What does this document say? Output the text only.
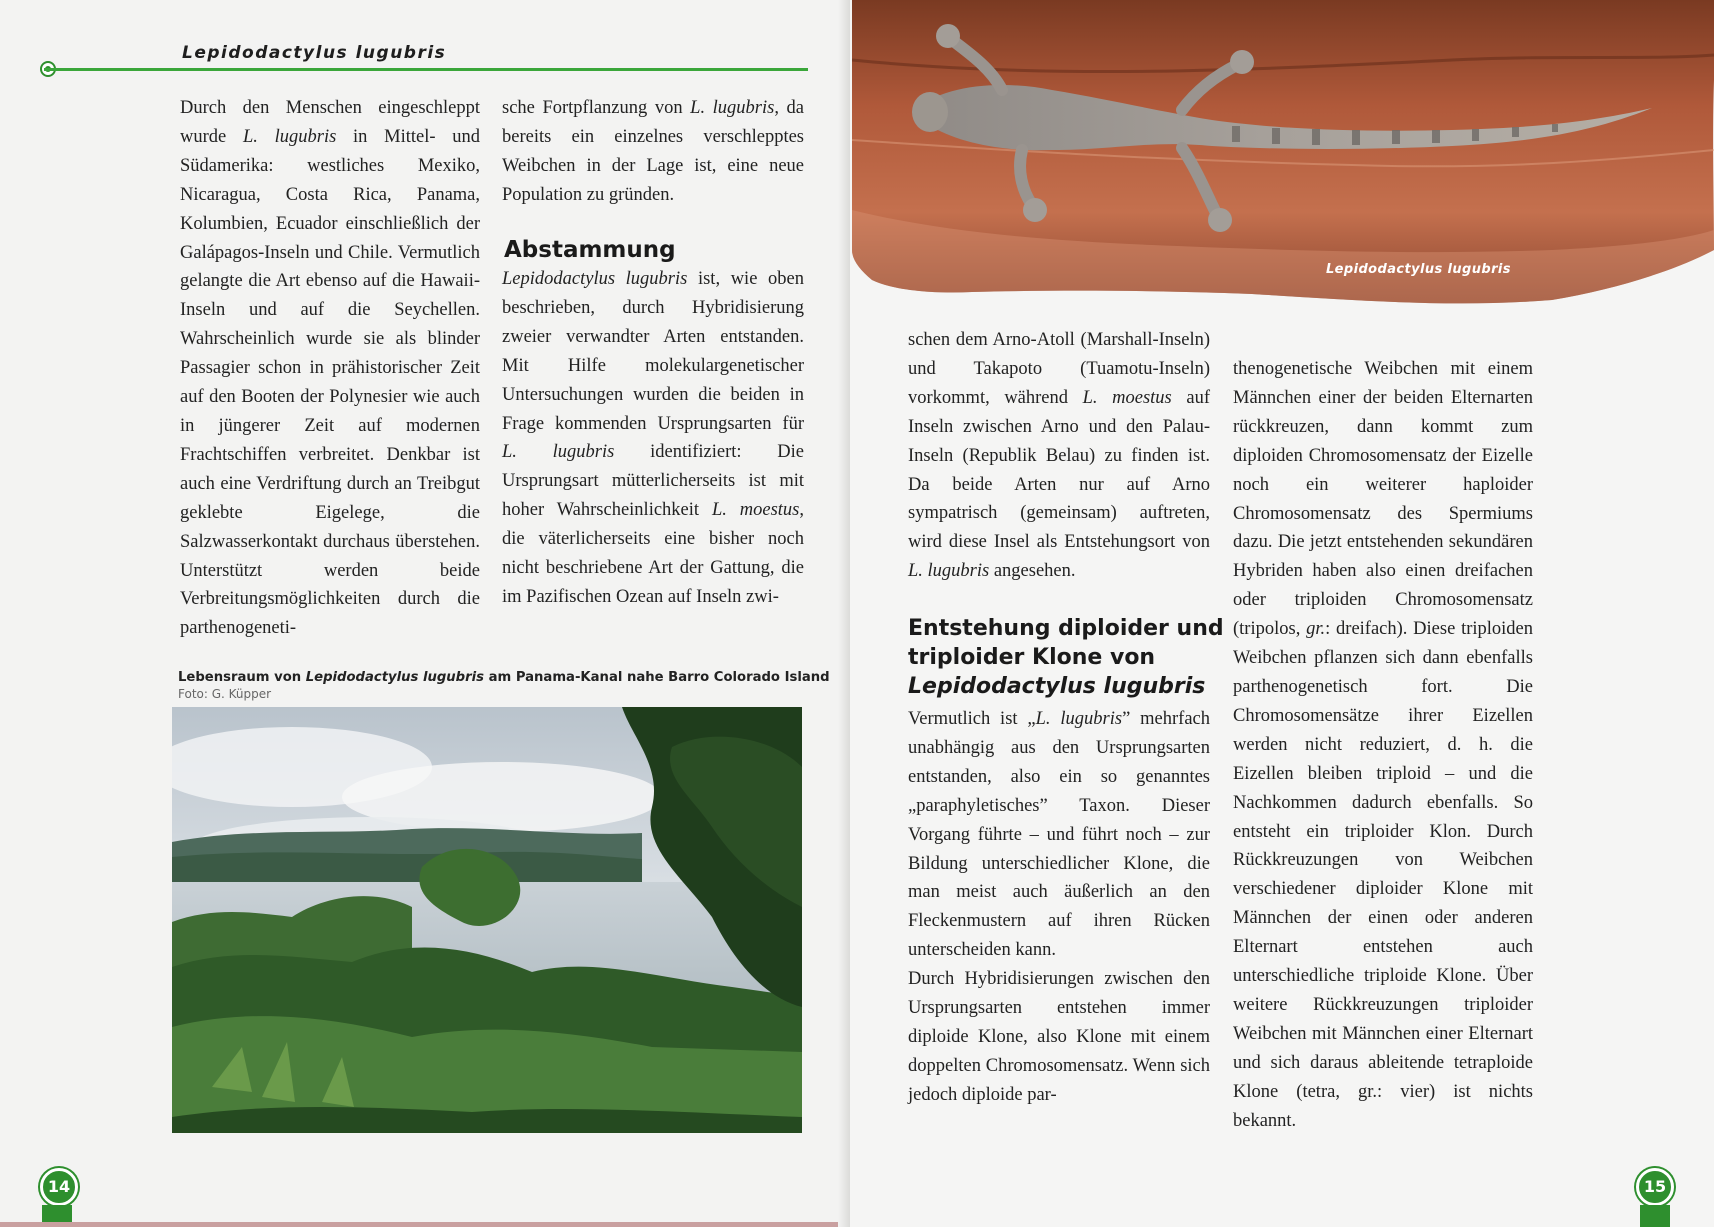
Lepidodactylus lugubris

Durch den Menschen eingeschleppt wurde L. lugubris in Mittel- und Südamerika: westliches Mexiko, Nicaragua, Costa Rica, Panama, Kolumbien, Ecuador einschließlich der Galápagos-Inseln und Chile. Vermutlich gelangte die Art ebenso auf die Hawaii-Inseln und auf die Seychellen. Wahrscheinlich wurde sie als blinder Passagier schon in prähistorischer Zeit auf den Booten der Polynesier wie auch in jüngerer Zeit auf modernen Frachtschiffen verbreitet. Denkbar ist auch eine Verdriftung durch an Treibgut geklebte Eigelege, die Salzwasserkontakt durchaus überstehen. Unterstützt werden beide Verbreitungsmöglichkeiten durch die parthenogeneti-

sche Fortpflanzung von L. lugubris, da bereits ein einzelnes verschlepptes Weibchen in der Lage ist, eine neue Population zu gründen.

Abstammung

Lepidodactylus lugubris ist, wie oben beschrieben, durch Hybridisierung zweier verwandter Arten entstanden. Mit Hilfe molekulargenetischer Untersuchungen wurden die beiden in Frage kommenden Ursprungsarten für L. lugubris identifiziert: Die Ursprungsart mütterlicherseits ist mit hoher Wahrscheinlichkeit L. moestus, die väterlicherseits eine bisher noch nicht beschriebene Art der Gattung, die im Pazifischen Ozean auf Inseln zwi-

Lebensraum von Lepidodactylus lugubris am Panama-Kanal nahe Barro Colorado Island
Foto: G. Küpper
14
Lepidodactylus lugubris

schen dem Arno-Atoll (Marshall-Inseln) und Takapoto (Tuamotu-Inseln) vorkommt, während L. moestus auf Inseln zwischen Arno und den Palau-Inseln (Republik Belau) zu finden ist. Da beide Arten nur auf Arno sympatrisch (gemeinsam) auftreten, wird diese Insel als Entstehungsort von L. lugubris angesehen.

Entstehung diploider und
triploider Klone von
Lepidodactylus lugubris

Vermutlich ist „L. lugubris” mehrfach unabhängig aus den Ursprungsarten entstanden, also ein so genanntes „paraphyletisches” Taxon. Dieser Vorgang führte – und führt noch – zur Bildung unterschiedlicher Klone, die man meist auch äußerlich an den Fleckenmustern auf ihren Rücken unterscheiden kann.

Durch Hybridisierungen zwischen den Ursprungsarten entstehen immer diploide Klone, also Klone mit einem doppelten Chromosomensatz. Wenn sich jedoch diploide par-

thenogenetische Weibchen mit einem Männchen einer der beiden Elternarten rückkreuzen, dann kommt zum diploiden Chromosomensatz der Eizelle noch ein weiterer haploider Chromosomensatz des Spermiums dazu. Die jetzt entstehenden sekundären Hybriden haben also einen dreifachen oder triploiden Chromosomensatz (tripolos, gr.: dreifach). Diese triploiden Weibchen pflanzen sich dann ebenfalls parthenogenetisch fort. Die Chromosomensätze ihrer Eizellen werden nicht reduziert, d. h. die Eizellen bleiben triploid – und die Nachkommen dadurch ebenfalls. So entsteht ein triploider Klon. Durch Rückkreuzungen von Weibchen verschiedener diploider Klone mit Männchen der einen oder anderen Elternart entstehen auch unterschiedliche triploide Klone. Über weitere Rückkreuzungen triploider Weibchen mit Männchen einer Elternart und sich daraus ableitende tetraploide Klone (tetra, gr.: vier) ist nichts bekannt.

15
